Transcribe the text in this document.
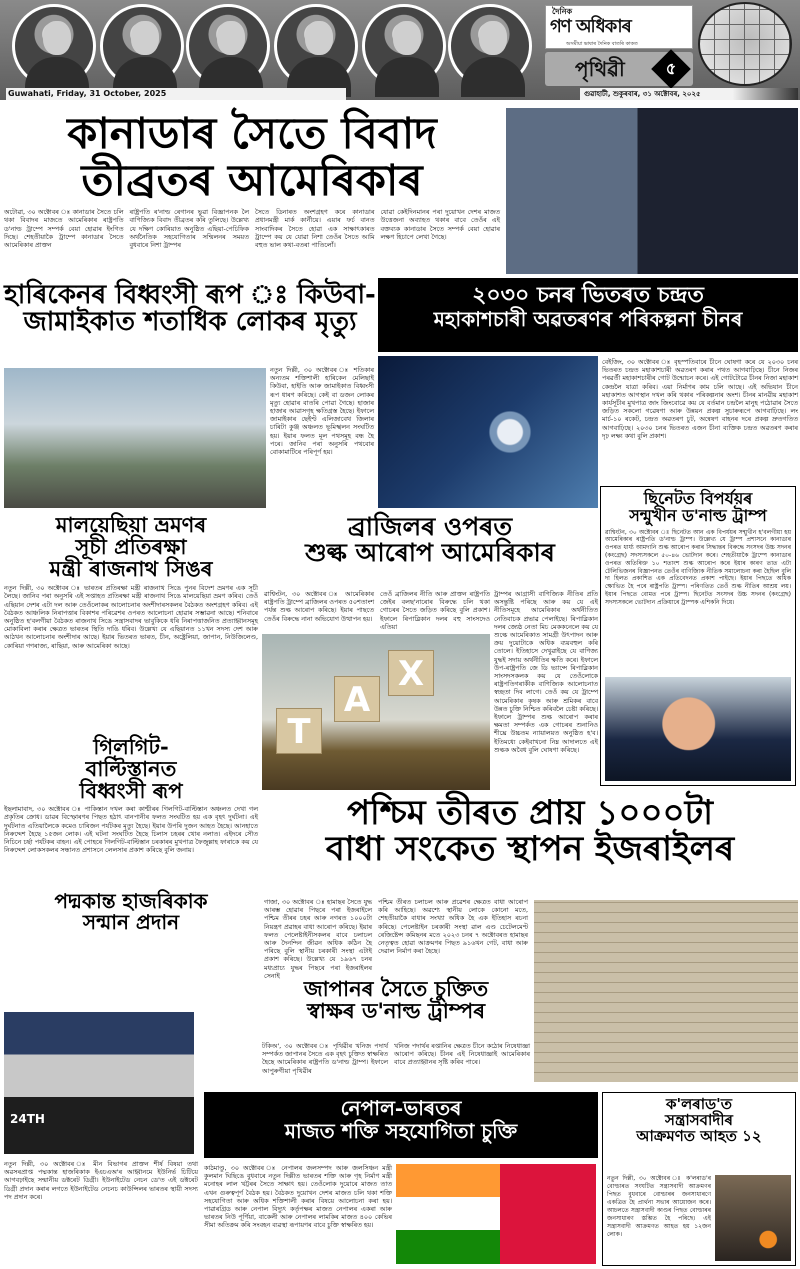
Guwahati, Friday, 31 October, 2025
দৈনিক
গণ অধিকাৰ
অসমীয়া ভাষাৰ দৈনিক বাতৰি কাকত
পৃথিৱী	৫
গুৱাহাটী, শুকুৰবাৰ, ৩১ অক্টোবৰ, ২০২৫
কানাডাৰ সৈতে বিবাদ
তীব্ৰতৰ আমেৰিকাৰ
অটোৱা, ৩০ অক্টোবৰ ঃ কানাডাৰ সৈতে চলি থকা বিবাদৰ মাজতে আমেৰিকাৰ ৰাষ্ট্ৰপতি ড'নাল্ড ট্ৰাম্পে সম্পৰ্ক বেয়া হোৱাৰ ইংগিত দিছে। শেহতীয়াকৈ ট্ৰাম্পে কানাডাৰ সৈতে আমেৰিকাৰ প্ৰাক্তন
ৰাষ্ট্ৰপতি ৰ'নাল্ড ৰেগানৰ ভুৱা বিজ্ঞাপনক লৈ বাণিজ্যিক বিবাদ তীব্ৰতৰ কৰি তুলিছে। উল্লেখ্য যে দক্ষিণ কোৰিয়াত অনুষ্ঠিত এছিয়া-পেচিফিক অৰ্থনৈতিক সহযোগিতাৰ সন্মিলনৰ সময়ত বুধবাৰে নিশা ট্ৰাম্পৰ
সৈতে ডিনাৰত অংশগ্ৰহণ কৰে কানাডাৰ প্ৰধানমন্ত্ৰী মাৰ্ক কাৰ্নীয়ে। এয়াৰ ফৰ্চ বানত সাংবাদিকৰ সৈতে হোৱা এক সাক্ষাৎকাৰত ট্ৰাম্পে কয় যে যোৱা নিশা তেওঁৰ সৈতে আমি বহুত ভাল কথা-বতৰা পাতিলোঁ।
যোৱা কেইদিনমানৰ পৰা দুয়োখন দেশৰ মাজত উত্তেজনা অব্যাহত থকাৰ বাবে তেওঁৰ এই বক্তব্যক কানাডাৰ সৈতে সম্পৰ্ক বেয়া হোৱাৰ লক্ষণ হিচাপে লেখা গৈছে।
হাৰিকেনৰ বিধ্বংসী ৰূপ ঃ কিউবা-
জামাইকাত শতাধিক লোকৰ মৃত্যু
নতুন দিল্লী, ৩০ অক্টোবৰ ঃ শতিকাৰ অন্যতম শক্তিশালী হাৰিকেন মেলিছাই কিউবা, হাইতি আৰু জামাইকাত বিধ্বংসী ৰূপ ধাৰণ কৰিছে। কেই বা ডজন লোকৰ মৃত্যু হোৱাৰ বাতৰি পোৱা গৈছে। হাজাৰ হাজাৰ আৱাসগৃহ ক্ষতিগ্ৰস্ত হৈছে। ইফালে জামাইকাৰ ছেইণ্ট এলিজাবেথ জিলাৰ চাৰিটা কুঞ্জ অঞ্চলত ভূমিস্খলন সংঘটিত হয়। ইয়াৰ ফলত মূল পথসমূহ বন্ধ হৈ পৰে। জানিব পৰা অনুসৰি পথবোৰ বোকামাটিৰে পৰিপূৰ্ণ হয়।
২০৩০ চনৰ ভিতৰত চন্দ্ৰত
মহাকাশচাৰী অৱতৰণৰ পৰিকল্পনা চীনৰ
বেইজিং, ৩০ অক্টোবৰ ঃ বৃহস্পতিবাৰে চীনে ঘোষণা কৰে যে ২০৩০ চনৰ ভিতৰত চন্দ্ৰত মহাকাশচাৰী অৱতৰণ কৰাৰ পথত আগবাঢ়িছে। চীনে নিজৰ পৰৱৰ্তী মহাকাশচাৰীৰ গোট উন্মোচন কৰে। এই গোটটোৱে চীনৰ নিজা মহাকাশ কেন্দ্ৰলৈ যাত্ৰা কৰিব। এয়া নিৰ্মাণৰ কাম চলি আছে। এই অভিযান চীনে মহাকাশত আগস্থান দখল কৰি থকাৰ পৰিকল্পনাৰ অংশ। চীনৰ মানৱীয় মহাকাশ কাৰ্যসূচীৰ মুখপাত্ৰ জাং জিংবোৱে কয় যে বৰ্তমান চন্দ্ৰলৈ মানুহ পঠোৱাৰ সৈতে জড়িত সকলো গৱেষণা আৰু উন্নয়ন প্ৰকল্প সুচাৰুৰূপে আগবাঢ়িছে। লং মাৰ্চ-১০ ৰকেট, চন্দ্ৰত অৱতৰণ চুট, অন্বেষণ বাহনৰ দৰে প্ৰকল্প দ্ৰুতগতিত আগবাঢ়িছে। ২০৩০ চনৰ ভিতৰত এজন চীনা ব্যক্তিক চন্দ্ৰত অৱতৰণ কৰাৰ দৃঢ় লক্ষ্য কথা বুলি প্ৰকাশ।
মালয়েছিয়া ভ্ৰমণৰ
সূচী প্ৰতিৰক্ষা
মন্ত্ৰী ৰাজনাথ সিঙৰ
নতুন দিল্লী, ৩০ অক্টোবৰ ঃ ভাৰতৰ প্ৰতিৰক্ষা মন্ত্ৰী ৰাজনাথ সিঙে পুনৰ বিদেশ ভ্ৰমণৰ এক সূচী লৈছে। জানিব পৰা অনুসৰি এই সপ্তাহত প্ৰতিৰক্ষা মন্ত্ৰী ৰাজনাথ সিঙে মালয়েছিয়া ভ্ৰমণ কৰিব। তেওঁ এছিয়ান দেশৰ এটা দল আৰু তেওঁলোকৰ আলোচনাৰ অংশীদাৰসকলৰ বৈঠকত অংশগ্ৰহণ কৰিব। এই বৈঠকত আঞ্চলিক নিৰাপত্তাৰ বিকাশৰ পৰিৱেশৰ ওপৰত আলোচনা হোৱাৰ সম্ভাৱনা আছে। শনিবাৰে অনুষ্ঠিত হ'বলগীয়া বৈঠকত ৰাজনাথ সিঙে সন্ত্ৰাসবাদৰ ভাবুকিকে ধৰি নিৰাপত্তাজনিত প্ৰত্যাহ্বানসমূহ মোকাবিলা কৰাৰ ক্ষেত্ৰত ভাৰতৰ স্থিতি দাঙি ধৰিব। উল্লেখ্য যে এছিয়ানত ১১খন সদস্য দেশ আৰু আঠখন আলোচনাৰ অংশীদাৰ আছে। ইয়াৰ ভিতৰত ভাৰত, চীন, অষ্ট্ৰেলিয়া, জাপান, নিউজিলেণ্ড, কোৰিয়া গণৰাজ্য, ৰাছিয়া, আৰু আমেৰিকা আছে।
গিলগিট-
বাল্টিস্তানত
বিধ্বংসী ৰূপ
ইছলামাবাদ, ৩০ অক্টোবৰ ঃ পাকিস্তান দখল কৰা কাশ্মীৰৰ গিলগিট-বাল্টিস্তান অঞ্চলত দেখা গল প্ৰকৃতিৰ ক্ৰোধ। ডাৱৰ বিস্ফোৰণৰ পিছত হঠাৎ বানপানীৰ ফলত সংঘটিত হয় এক বৃহৎ দুৰ্ঘটনা। এই দুৰ্ঘটনাত এতিয়ালৈকে কমেও চাৰিজন পৰ্যটকৰ মৃত্যু হৈছে। ইয়াৰ উপৰি দুজন আহত হৈছে। আনহাতে নিৰুদ্দেশ হৈছে ১৫জন লোক। এই ঘটনা সংঘটিত হৈছে চিলাস চহৰৰ থোৰ নলাত। এইদৰে সৌত নিচিনে চৰ্ছা পৰ্যটকৰ বাহন। এই পোহৰে গিলগিট-বাল্টিস্তান চৰকাৰৰ মুখপাত্ৰ ফৈজুল্লাহ ফাৰাকে কয় যে নিৰুদ্দেশ লোকসকলৰ সন্ধানত প্ৰশাসনে লেলসাৰ প্ৰকাশ কৰিছে বুলি জনায়।
পদ্মকান্ত হাজৰিকাক
সন্মান প্ৰদান
ব্ৰাজিলৰ ওপৰত
শুল্ক আৰোপ আমেৰিকাৰ
ৱাশ্বিংটন, ৩০ অক্টোবৰ ঃ আমেৰিকাৰ ৰাষ্ট্ৰপতি ট্ৰাম্পে ব্ৰাজিলৰ ওপৰত ৫০শতাংশ পৰ্যন্ত শুল্ক আৰোপ কৰিছে। ইয়াৰ পাছতে তেওঁৰ বিৰুদ্ধে নানা অভিযোগ উত্থাপন হয়।
তেওঁ ব্ৰাজিলৰ নীতি আৰু প্ৰাক্তন ৰাষ্ট্ৰপতি জেইৰ বলছ'নাৰোৰ বিৰুদ্ধে চলি থকা গোচৰৰ সৈতে জড়িত কৰিছে বুলি প্ৰকাশ। ইফালে ৰিপাব্লিকান দলৰ বহু সাংসদেও এতিয়া
ট্ৰাম্পৰ আগ্ৰাসী বাণিজ্যিক নীতিৰ প্ৰতি অসন্তুষ্টি পৰিছে আৰু কয় যে এই নীতিসমূহে আমেৰিকাৰ অৰ্থনীতিত নেতিবাচক প্ৰভাৱ পেলাইছে। ৰিপাব্লিকান দলৰ জ্যেষ্ঠ নেতা মিচ মেককনেলে কয় যে শুল্কে আমেৰিকাত সামগ্ৰী উৎপাদন আৰু ক্ৰয় দুয়োটাকে অধিক ব্যয়বহুল কৰি তোলে। ইতিহাসে দেখুৱাইছে যে বাণিজ্য যুদ্ধই সদায় অৰ্থনীতিৰ ক্ষতি কৰে। ইফালে উপ-ৰাষ্ট্ৰপতি জে ডি ভ্যান্সে ৰিপাব্লিকান সাংসদসকলক কয় যে তেওঁলোকে ৰাষ্ট্ৰপতিগৰাকীক বাণিজ্যিক আলোচনাত স্বচ্ছতা দিব লাগে। তেওঁ কয় যে ট্ৰাম্পে আমেৰিকাৰ কৃষক আৰু শ্ৰমিকৰ বাবে উন্নত চুক্তি নিশ্চিত কৰিবলৈ চেষ্টা কৰিছে। ইফালে ট্ৰাম্পৰ শুল্ক আৰোপ কৰাৰ ক্ষমতা সম্পৰ্কত এক গোচৰৰ শুনানিও শীঘ্ৰে উচ্চতম ন্যায়ালয়ত অনুষ্ঠিত হ'ব। ইতিমধ্যে কেইবাখনো নিম্ন আদালতে এই শুল্কক অবৈধ বুলি ঘোষণা কৰিছে।
T
A
X
ছিনেটত বিপৰ্যয়ৰ
সন্মুখীন ড'নাল্ড ট্ৰাম্প
ৱাশ্বিংটন, ৩০ অক্টোবৰ ঃ ছিনেটত আন এক বিপৰ্যয়ৰ সন্মুখীন হ'বলগীয়া হয় আমেৰিকাৰ ৰাষ্ট্ৰপতি ড'নাল্ড ট্ৰাম্প। উল্লেখ্য যে ট্ৰাম্প প্ৰশাসনে কানাডাৰ ওপৰত ধাৰ্য্য আমদানি শুল্ক আৰোপ কৰাৰ সিদ্ধান্তৰ বিৰুদ্ধে সংসদৰ উচ্চ সদনৰ (কংগ্ৰেছ) সদস্যসকলে ৫০-৪৬ ভোটদান কৰে। শেহতীয়াকৈ ট্ৰাম্পে কানাডাৰ ওপৰত অতিৰিক্ত ১০ শতাংশ শুল্ক আৰোপ কৰে ইয়াৰ কাৰণ তাত এটা টেলিভিজনৰ বিজ্ঞাপনত তেওঁৰ বাণিজ্যিক নীতিক সমালোচনা কৰা হৈছিল বুলি দা হিলত প্ৰকাশিত এক প্ৰতিবেদনত প্ৰকাশ পাইছে। ইয়াৰ পিছতে অধিক ক্ষোভিত হৈ পৰে ৰাষ্ট্ৰপতি ট্ৰাম্প। পৰিণতিত তেওঁ শুল্ক নীতিৰ আশ্ৰয় লয়। ইয়াৰ পিছতে বোমত পৰে ট্ৰাম্প। ছিনেটত সংসদৰ উচ্চ সদনৰ (কংগ্ৰেছ) সদস্যসকলে ভোটদান প্ৰক্ৰিয়াৰে ট্ৰাম্পক এশিকনি দিয়ে।
পশ্চিম তীৰত প্ৰায় ১০০০টা
বাধা সংকেত স্থাপন ইজৰাইলৰ
গাজা, ৩০ অক্টোবৰ ঃ হামাছৰ সৈতে যুদ্ধ আৰম্ভ হোৱাৰ পিছৰে পৰা ইজৰাইলে পশ্চিম তীৰৰ চহৰ আৰু নগৰত ১০০০টা নিয়ন্ত্ৰণ প্ৰৱাহৰ বাধা আৰোপ কৰিছে। ইয়াৰ ফলত পেলেষ্টাইনীসকলৰ বাবে চলাচল আৰু দৈনন্দিন জীৱন অধিক কঠিন হৈ পৰিছে বুলি স্থানীয় চৰকাৰী সংস্থা এটাই প্ৰকাশ কৰিছে। উল্লেখ্য যে ১৯৬৭ চনৰ মধ্যপ্ৰাচ্য যুদ্ধৰ পিছৰে পৰা ইজৰাইলৰ সেনাই
পশ্চিম তীৰত চলাচল আৰু প্ৰৱেশৰ ক্ষেত্ৰত বাধা আৰোপ কৰি আহিছে। অৱশ্যে স্থানীয় লোকে কোনো মতে, শেহতীয়াকৈ বাধাৰ সংখ্যা অধিক হৈ এক ইতিহাস ৰচনা কৰিছে। পেলেষ্টাইন চৰকাৰী সংস্থা ৱাল এণ্ড চেটেলমেণ্ট ৰেজিষ্টেন্স কমিছনৰ মতে ২০২৩ চনৰ ৭ অক্টোবৰত হামাছৰ নেতৃত্বত হোৱা আক্ৰমণৰ পিছত ৯১৬খন গেট, বাধা আৰু দেৱাল নিৰ্মাণ কৰা হৈছে।
24TH
নতুন দিল্লী, ৩০ অক্টোবৰ ঃ মীন বিভাগৰ প্ৰাক্তন শীৰ্ষ বিষয়া তথা অৱসৰপ্ৰাপ্ত পদ্মকান্ত হাজৰিকাক ইএচএঅ'ৰ আহ্বানমে ইউনিৰ্ভ চিটিয়ে আগবঢ়াইছে সন্মানীয় ডক্টৰেট ডিগ্ৰী। ইউনাইটেড নেচন ডে'ত এই ডক্টৰেট ডিগ্ৰী প্ৰদান কৰাৰ লগতে ইউনাইটেড নেচনচ কাউন্সিলৰ ভাৰতৰ স্থায়ী সদস্য পদ প্ৰদান কৰে।
জাপানৰ সৈতে চুক্তিত
স্বাক্ষৰ ড'নাল্ড ট্ৰাম্পৰ
টকিঅ', ৩০ অক্টোবৰ ঃ পৃথিৱীৰ খনিজ পদাৰ্থ সম্পৰ্কত জাপানৰ সৈতে এক বৃহৎ চুক্তিত স্বাক্ষৰিত হৈছে আমেৰিকাৰ ৰাষ্ট্ৰপতি ড'নাল্ড ট্ৰাম্প। ইফালে আপুৰুগীয়া পৃথিৱীৰ
খনিজ পদাৰ্থৰ ৰপ্তানিৰ ক্ষেত্ৰত চীনে কঠোৰ নিষেধাজ্ঞা আৰোপ কৰিছে। চীনৰ এই নিষেধাজ্ঞাই আমেৰিকাৰ বাবে প্ৰত্যাহ্বানৰ সৃষ্টি কৰিব পাৰে।
নেপাল-ভাৰতৰ
মাজত শক্তি সহযোগিতা চুক্তি
কাঠমাণ্ডু, ৩০ অক্টোবৰ ঃ নেপালৰ জলসম্পদ আৰু জলসিঞ্চন মন্ত্ৰী কুলমান ঘিছিঙে বুধবাৰে নতুন দিল্লীত ভাৰতৰ শক্তি আৰু গৃহ নিৰ্মাণ মন্ত্ৰী মনোহৰ লাল খট্টৰৰ সৈতে সাক্ষাৎ হয়। তেওঁলোক দুয়োৰে মাজত তাত এখন গুৰুত্বপূৰ্ণ বৈঠক হয়। বৈঠকত দুয়োখন দেশৰ মাজত চলি থকা শক্তি সহযোগিতা আৰু অধিক শক্তিশালী কৰাৰ বিষয়ে আলোচনা কৰা হয়। পাৱাৰগ্ৰিড আৰু নেপাল বিদ্যুৎ কৰ্তৃপক্ষৰ মাজত নেপালৰ একৰা আৰু ভাৰতৰ নিউ পূৰ্ণিয়া, বাকেলী আৰু নেপালৰ লামকিৰ মাজত ৪০০ কেভিৰ সীমা অতিক্ৰম কৰি সংবহন ব্যৱস্থা ৰূপায়ণৰ বাবে চুক্তি স্বাক্ষৰিত হয়।
ক'লৰাড'ত
সন্ত্ৰাসবাদীৰ
আক্ৰমণত আহত ১২
নতুন দিল্লী, ৩০ অক্টোবৰ ঃ ক'লৰাড'ৰ বোল্ডাৰত সংঘটিত সন্ত্ৰাসবাদী আক্ৰমণৰ পিছত বুধবাৰে বোল্ডাৰৰ জনসাধাৰণে একত্ৰিত হৈ প্ৰাৰ্থনা সভাৰ আয়োজন কৰে। আচলতে সন্ত্ৰাসবাদী কাণ্ডৰ পিছত বোল্ডাৰৰ জনসাধাৰণ স্তম্ভিত হৈ পৰিছে। এই সন্ত্ৰাসবাদী আক্ৰমণত আহত হয় ১২জন লোক।
